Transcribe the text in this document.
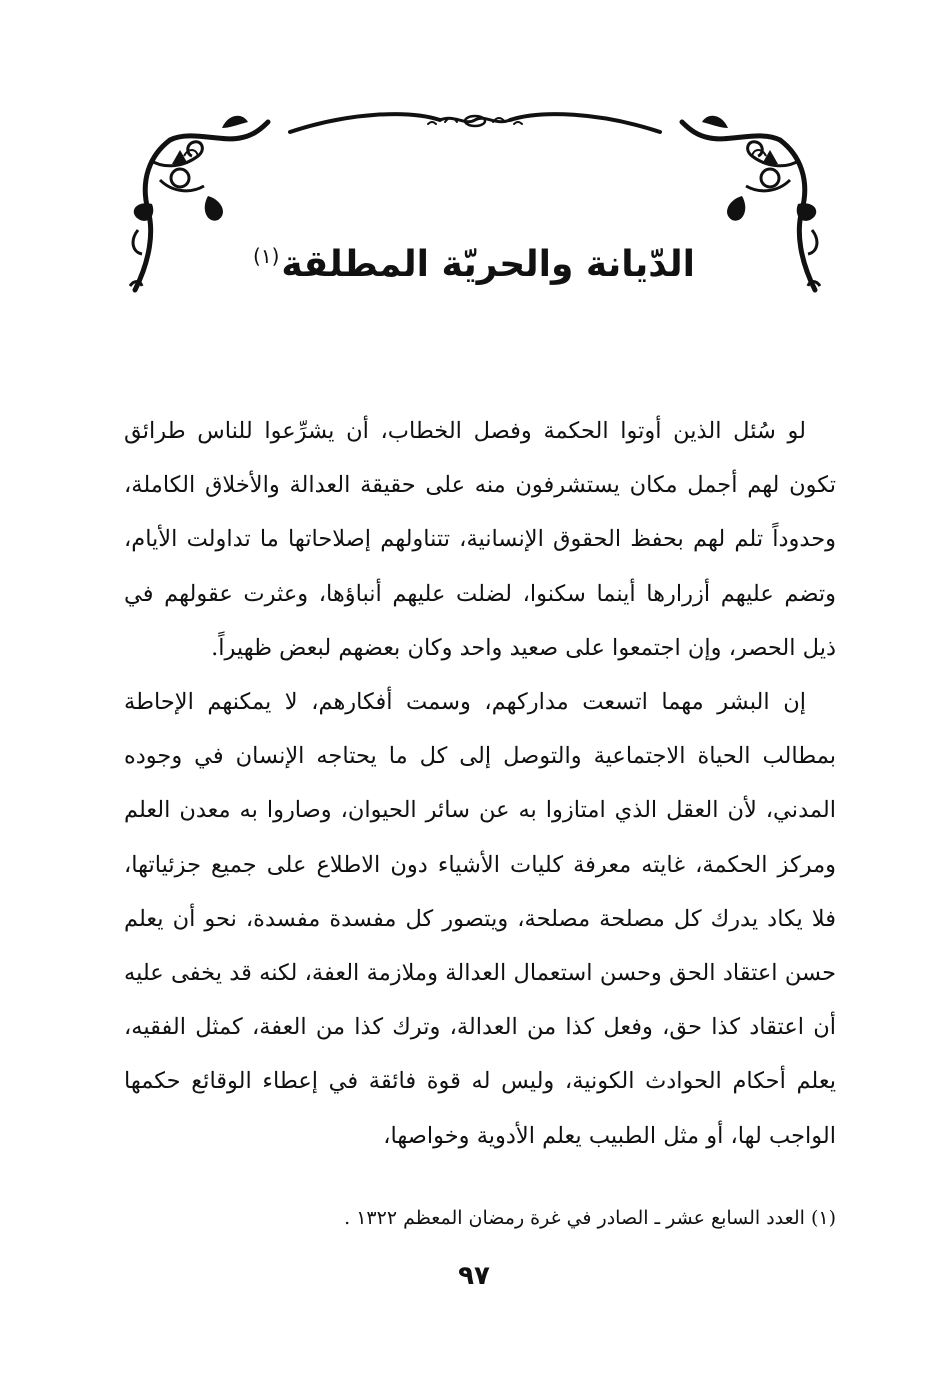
الدّيانة والحريّة المطلقة$^{(١)}$

لو سُئل الذين أوتوا الحكمة وفصل الخطاب، أن يشرِّعوا للناس طرائق تكون لهم أجمل مكان يستشرفون منه على حقيقة العدالة والأخلاق الكاملة، وحدوداً تلم لهم بحفظ الحقوق الإنسانية، تتناولهم إصلاحاتها ما تداولت الأيام، وتضم عليهم أزرارها أينما سكنوا، لضلت عليهم أنباؤها، وعثرت عقولهم في ذيل الحصر، وإن اجتمعوا على صعيد واحد وكان بعضهم لبعض ظهيراً.

إن البشر مهما اتسعت مداركهم، وسمت أفكارهم، لا يمكنهم الإحاطة بمطالب الحياة الاجتماعية والتوصل إلى كل ما يحتاجه الإنسان في وجوده المدني، لأن العقل الذي امتازوا به عن سائر الحيوان، وصاروا به معدن العلم ومركز الحكمة، غايته معرفة كليات الأشياء دون الاطلاع على جميع جزئياتها، فلا يكاد يدرك كل مصلحة مصلحة، ويتصور كل مفسدة مفسدة، نحو أن يعلم حسن اعتقاد الحق وحسن استعمال العدالة وملازمة العفة، لكنه قد يخفى عليه أن اعتقاد كذا حق، وفعل كذا من العدالة، وترك كذا من العفة، كمثل الفقيه، يعلم أحكام الحوادث الكونية، وليس له قوة فائقة في إعطاء الوقائع حكمها الواجب لها، أو مثل الطبيب يعلم الأدوية وخواصها،

(١) العدد السابع عشر ـ الصادر في غرة رمضان المعظم ١٣٢٢ .
٩٧
